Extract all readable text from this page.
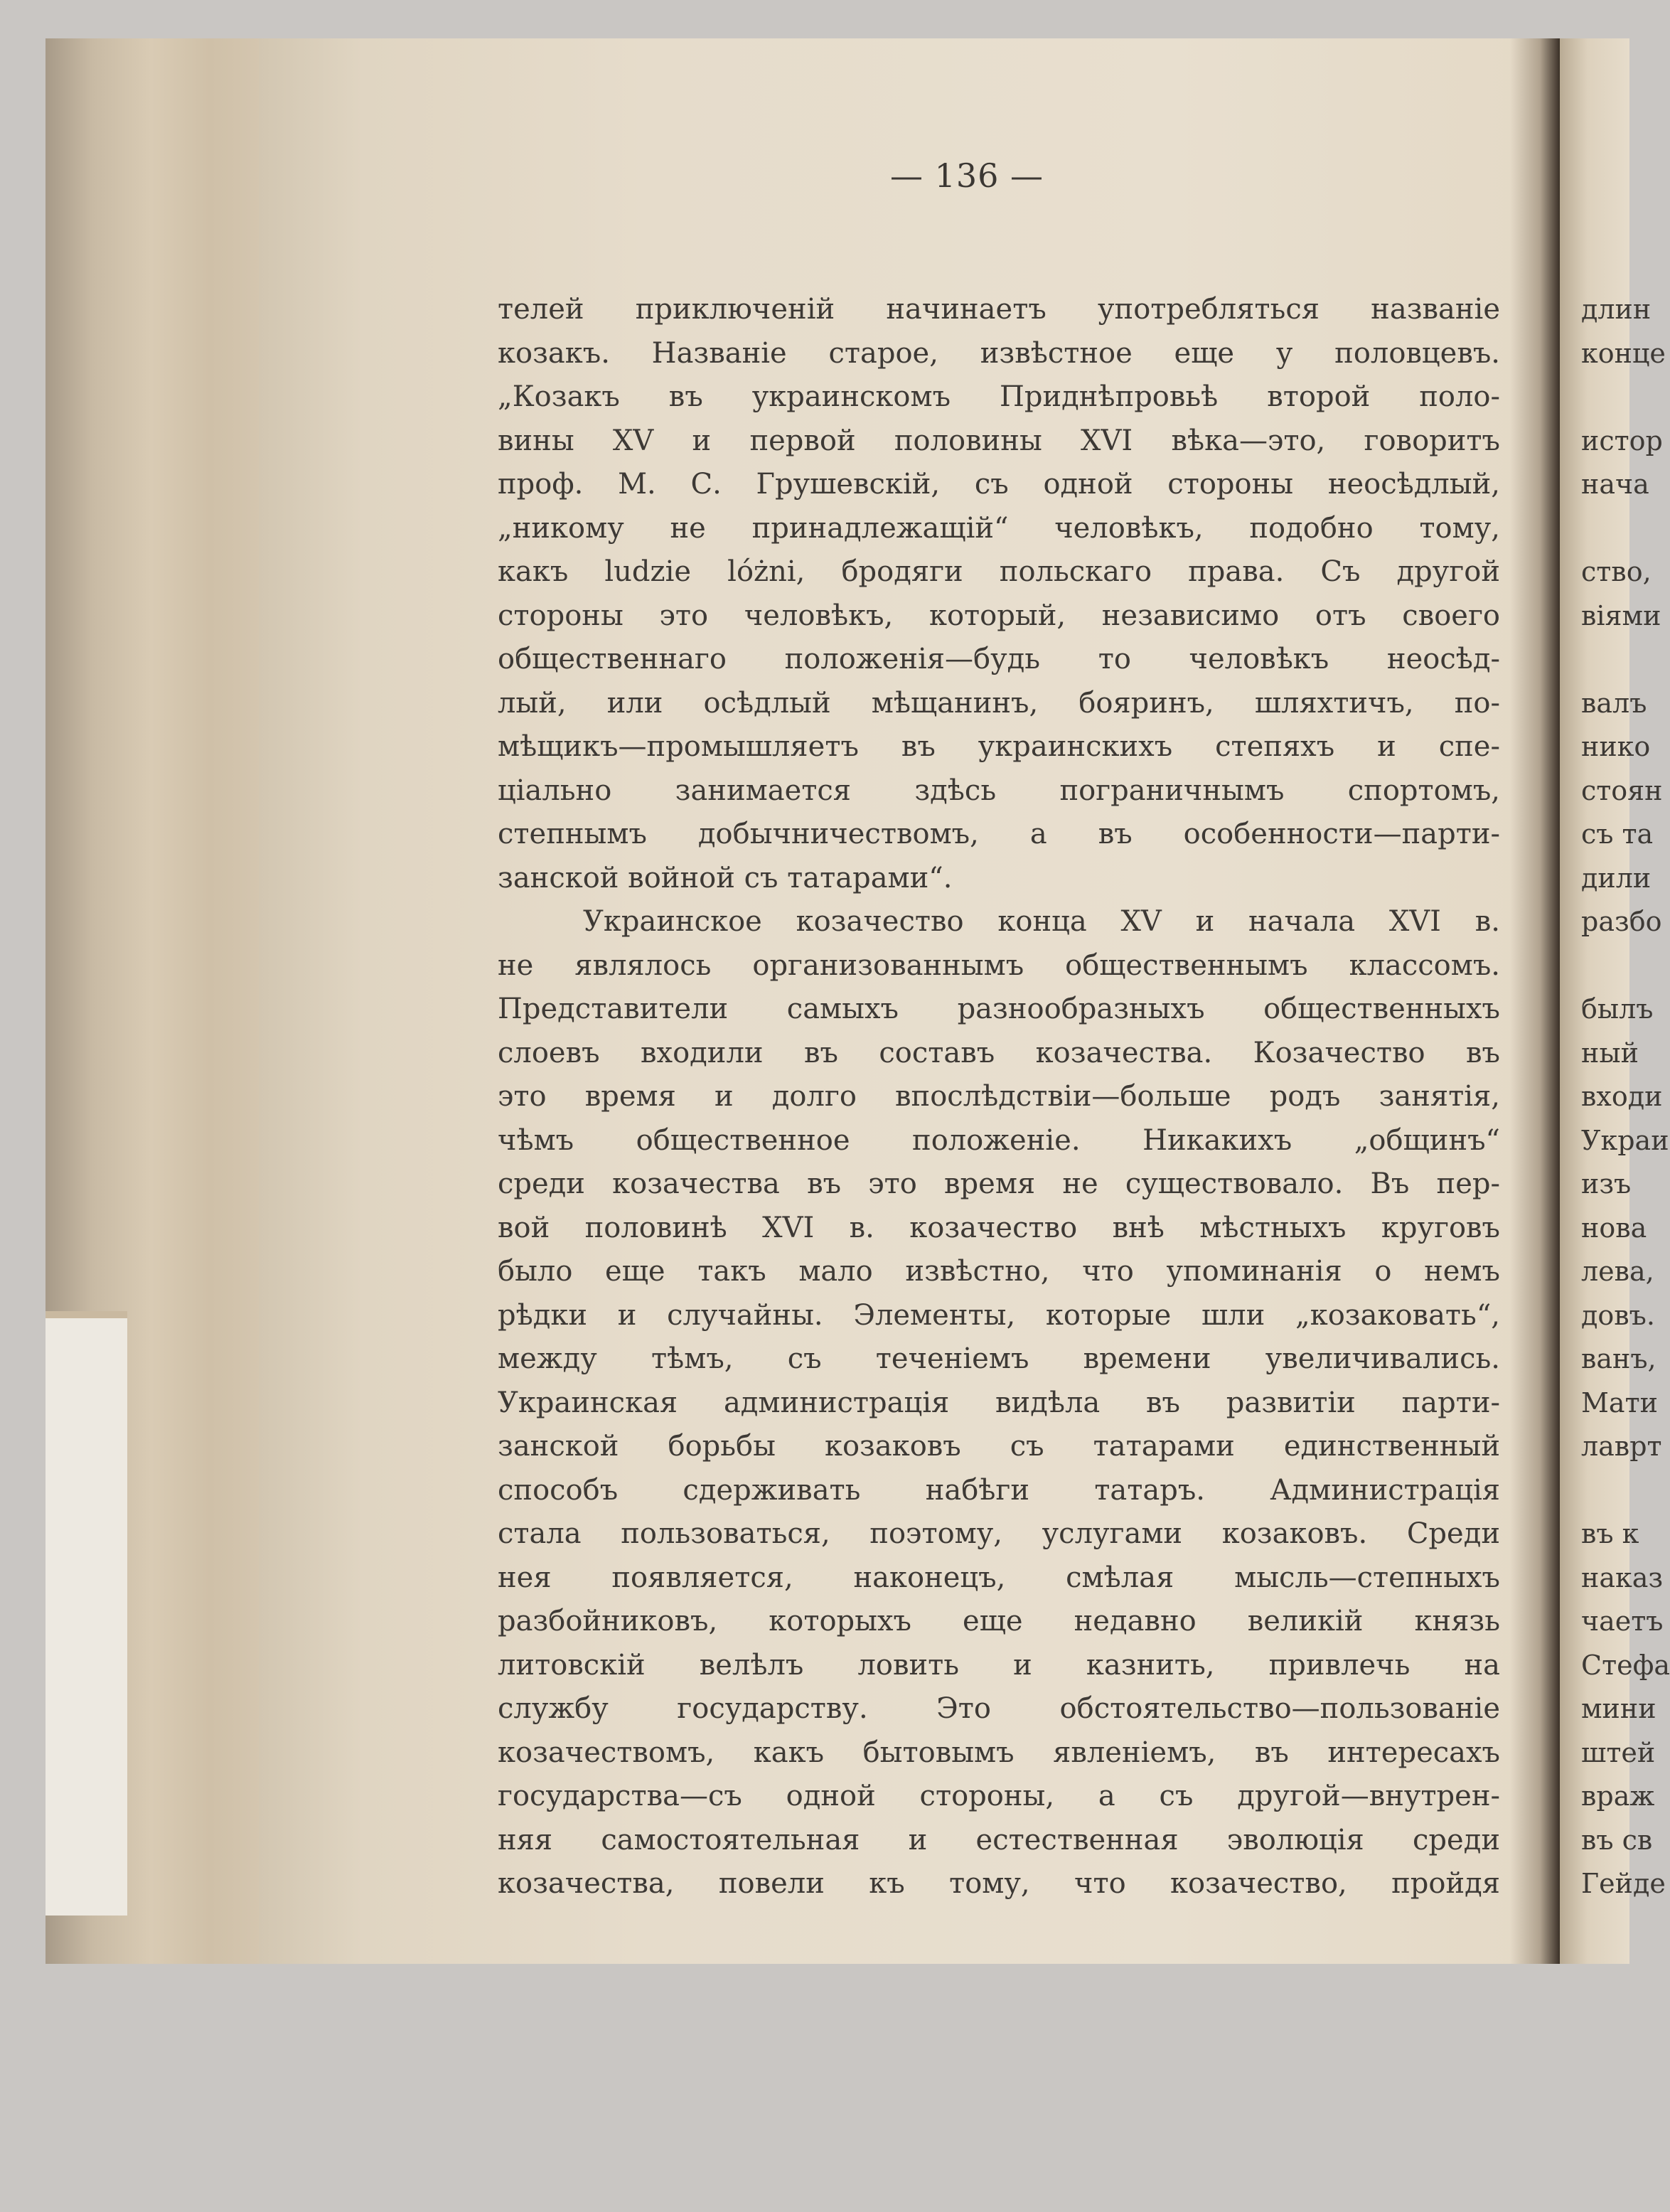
длин
конце
истор
нача
ство,
віями
валъ
нико
стоян
съ та
дили
разбо
былъ
ный
входи
Украи
изъ
нова
лева,
довъ.
ванъ,
Мати
лаврт
въ к
наказ
чаетъ
Стефа
мини
штей
враж
въ св
Гейде
— 136 —
телей приключеній начинаетъ употребляться названіе
козакъ. Названіе старое, извѣстное еще у половцевъ.
„Козакъ въ украинскомъ Приднѣпровьѣ второй поло-
вины XV и первой половины XVI вѣка—это, говоритъ
проф. М. С. Грушевскій, съ одной стороны неосѣдлый,
„никому не принадлежащій“ человѣкъ, подобно тому,
какъ ludzie lóżni, бродяги польскаго права. Съ другой
стороны это человѣкъ, который, независимо отъ своего
общественнаго положенія—будь то человѣкъ неосѣд-
лый, или осѣдлый мѣщанинъ, бояринъ, шляхтичъ, по-
мѣщикъ—промышляетъ въ украинскихъ степяхъ и спе-
ціально занимается здѣсь пограничнымъ спортомъ,
степнымъ добычничествомъ, а въ особенности—парти-
занской войной съ татарами“.
Украинское козачество конца XV и начала XVI в.
не являлось организованнымъ общественнымъ классомъ.
Представители самыхъ разнообразныхъ общественныхъ
слоевъ входили въ составъ козачества. Козачество въ
это время и долго впослѣдствіи—больше родъ занятія,
чѣмъ общественное положеніе. Никакихъ „общинъ“
среди козачества въ это время не существовало. Въ пер-
вой половинѣ XVI в. козачество внѣ мѣстныхъ круговъ
было еще такъ мало извѣстно, что упоминанія о немъ
рѣдки и случайны. Элементы, которые шли „козаковать“,
между тѣмъ, съ теченіемъ времени увеличивались.
Украинская администрація видѣла въ развитіи парти-
занской борьбы козаковъ съ татарами единственный
способъ сдерживать набѣги татаръ. Администрація
стала пользоваться, поэтому, услугами козаковъ. Среди
нея появляется, наконецъ, смѣлая мысль—степныхъ
разбойниковъ, которыхъ еще недавно великій князь
литовскій велѣлъ ловить и казнить, привлечь на
службу государству. Это обстоятельство—пользованіе
козачествомъ, какъ бытовымъ явленіемъ, въ интересахъ
государства—съ одной стороны, а съ другой—внутрен-
няя самостоятельная и естественная эволюція среди
козачества, повели къ тому, что козачество, пройдя
